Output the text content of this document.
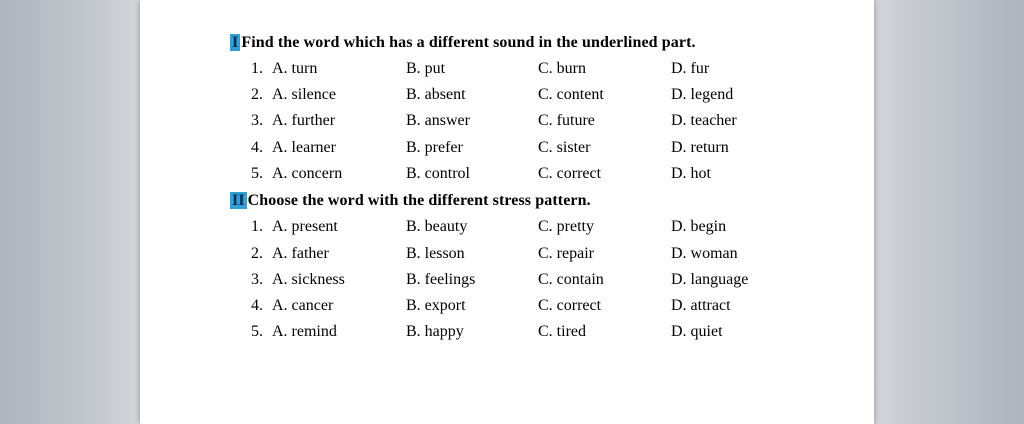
I Find the word which has a different sound in the underlined part.
1. A. turn	B. put	C. burn	D. fur
2. A. silence	B. absent	C. content	D. legend
3. A. further	B. answer	C. future	D. teacher
4. A. learner	B. prefer	C. sister	D. return
5. A. concern	B. control	C. correct	D. hot
II Choose the word with the different stress pattern.
1. A. present	B. beauty	C. pretty	D. begin
2. A. father	B. lesson	C. repair	D. woman
3. A. sickness	B. feelings	C. contain	D. language
4. A. cancer	B. export	C. correct	D. attract
5. A. remind	B. happy	C. tired	D. quiet
